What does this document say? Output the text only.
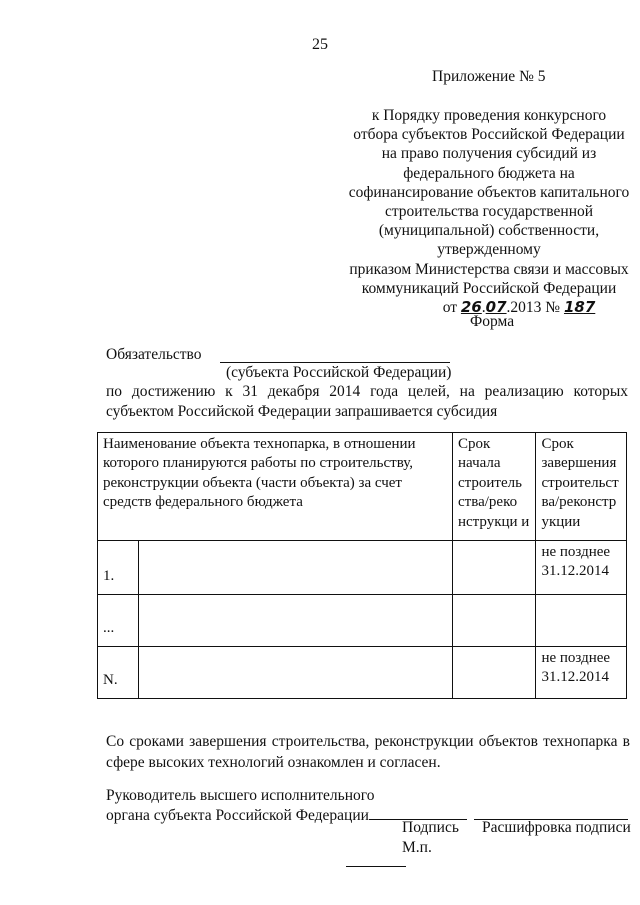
25
Приложение № 5
к Порядку проведения конкурсного
отбора субъектов Российской Федерации
на право получения субсидий из
федерального бюджета на
софинансирование объектов капитального
строительства государственной
(муниципальной) собственности,
утвержденному
приказом Министерства связи и массовых
коммуникаций Российской Федерации
от 26.07.2013 № 187
Форма
Обязательство
(субъекта Российской Федерации)
по достижению к 31 декабря 2014 года целей, на реализацию которых субъектом Российской Федерации запрашивается субсидия
Наименование объекта технопарка, в отношении которого планируются работы по строительству, реконструкции объекта (части объекта) за счет средств федерального бюджета		Срок начала строитель ства/реко нструкци и	Срок завершения строительст ва/реконстр укции
1.			не позднее 31.12.2014
...			
N.			не позднее 31.12.2014
Со сроками завершения строительства, реконструкции объектов технопарка в сфере высоких технологий ознакомлен и согласен.
Руководитель высшего исполнительного
органа субъекта Российской Федерации
Подпись Расшифровка подписи
М.п.
